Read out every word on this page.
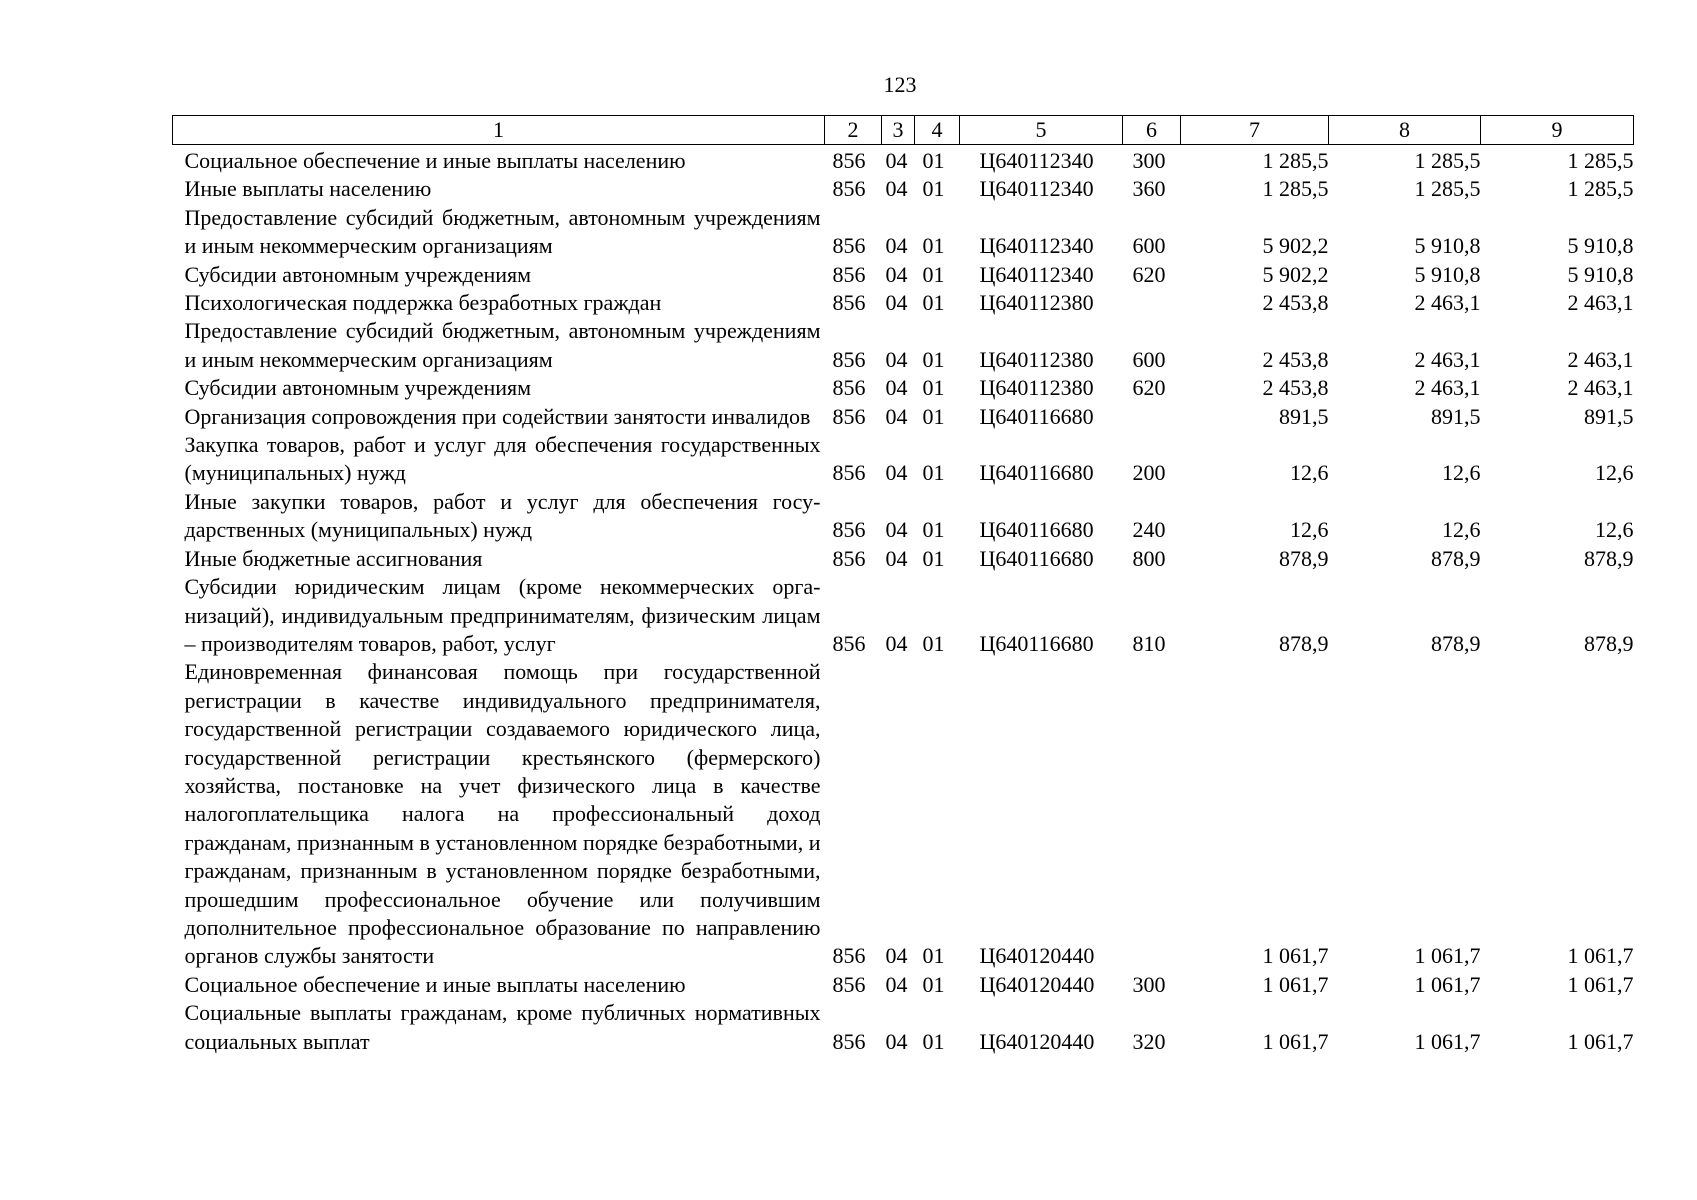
123
1	2	3	4	5	6	7	8	9
Социальное обеспечение и иные выплаты населению	856	04	01	Ц640112340	300	1 285,5	1 285,5	1 285,5
Иные выплаты населению	856	04	01	Ц640112340	360	1 285,5	1 285,5	1 285,5
Предоставление субсидий бюджетным, автономным учреждениям и иным некоммерческим организациям	856	04	01	Ц640112340	600	5 902,2	5 910,8	5 910,8
Субсидии автономным учреждениям	856	04	01	Ц640112340	620	5 902,2	5 910,8	5 910,8
Психологическая поддержка безработных граждан	856	04	01	Ц640112380		2 453,8	2 463,1	2 463,1
Предоставление субсидий бюджетным, автономным учреждениям и иным некоммерческим организациям	856	04	01	Ц640112380	600	2 453,8	2 463,1	2 463,1
Субсидии автономным учреждениям	856	04	01	Ц640112380	620	2 453,8	2 463,1	2 463,1
Организация сопровождения при содействии занятости инвалидов	856	04	01	Ц640116680		891,5	891,5	891,5
Закупка товаров, работ и услуг для обеспечения государственных (муниципальных) нужд	856	04	01	Ц640116680	200	12,6	12,6	12,6
Иные закупки товаров, работ и услуг для обеспечения государственных (муниципальных) нужд	856	04	01	Ц640116680	240	12,6	12,6	12,6
Иные бюджетные ассигнования	856	04	01	Ц640116680	800	878,9	878,9	878,9
Субсидии юридическим лицам (кроме некоммерческих организаций), индивидуальным предпринимателям, физическим лицам – производителям товаров, работ, услуг	856	04	01	Ц640116680	810	878,9	878,9	878,9
Единовременная финансовая помощь при государственной регистрации в качестве индивидуального предпринимателя, государственной регистрации создаваемого юридического лица, государственной регистрации крестьянского (фермерского) хозяйства, постановке на учет физического лица в качестве налогоплательщика налога на профессиональный доход гражданам, признанным в установленном порядке безработными, и гражданам, признанным в установленном порядке безработными, прошедшим профессиональное обучение или получившим дополнительное профессиональное образование по направлению органов службы занятости	856	04	01	Ц640120440		1 061,7	1 061,7	1 061,7
Социальное обеспечение и иные выплаты населению	856	04	01	Ц640120440	300	1 061,7	1 061,7	1 061,7
Социальные выплаты гражданам, кроме публичных нормативных социальных выплат	856	04	01	Ц640120440	320	1 061,7	1 061,7	1 061,7
